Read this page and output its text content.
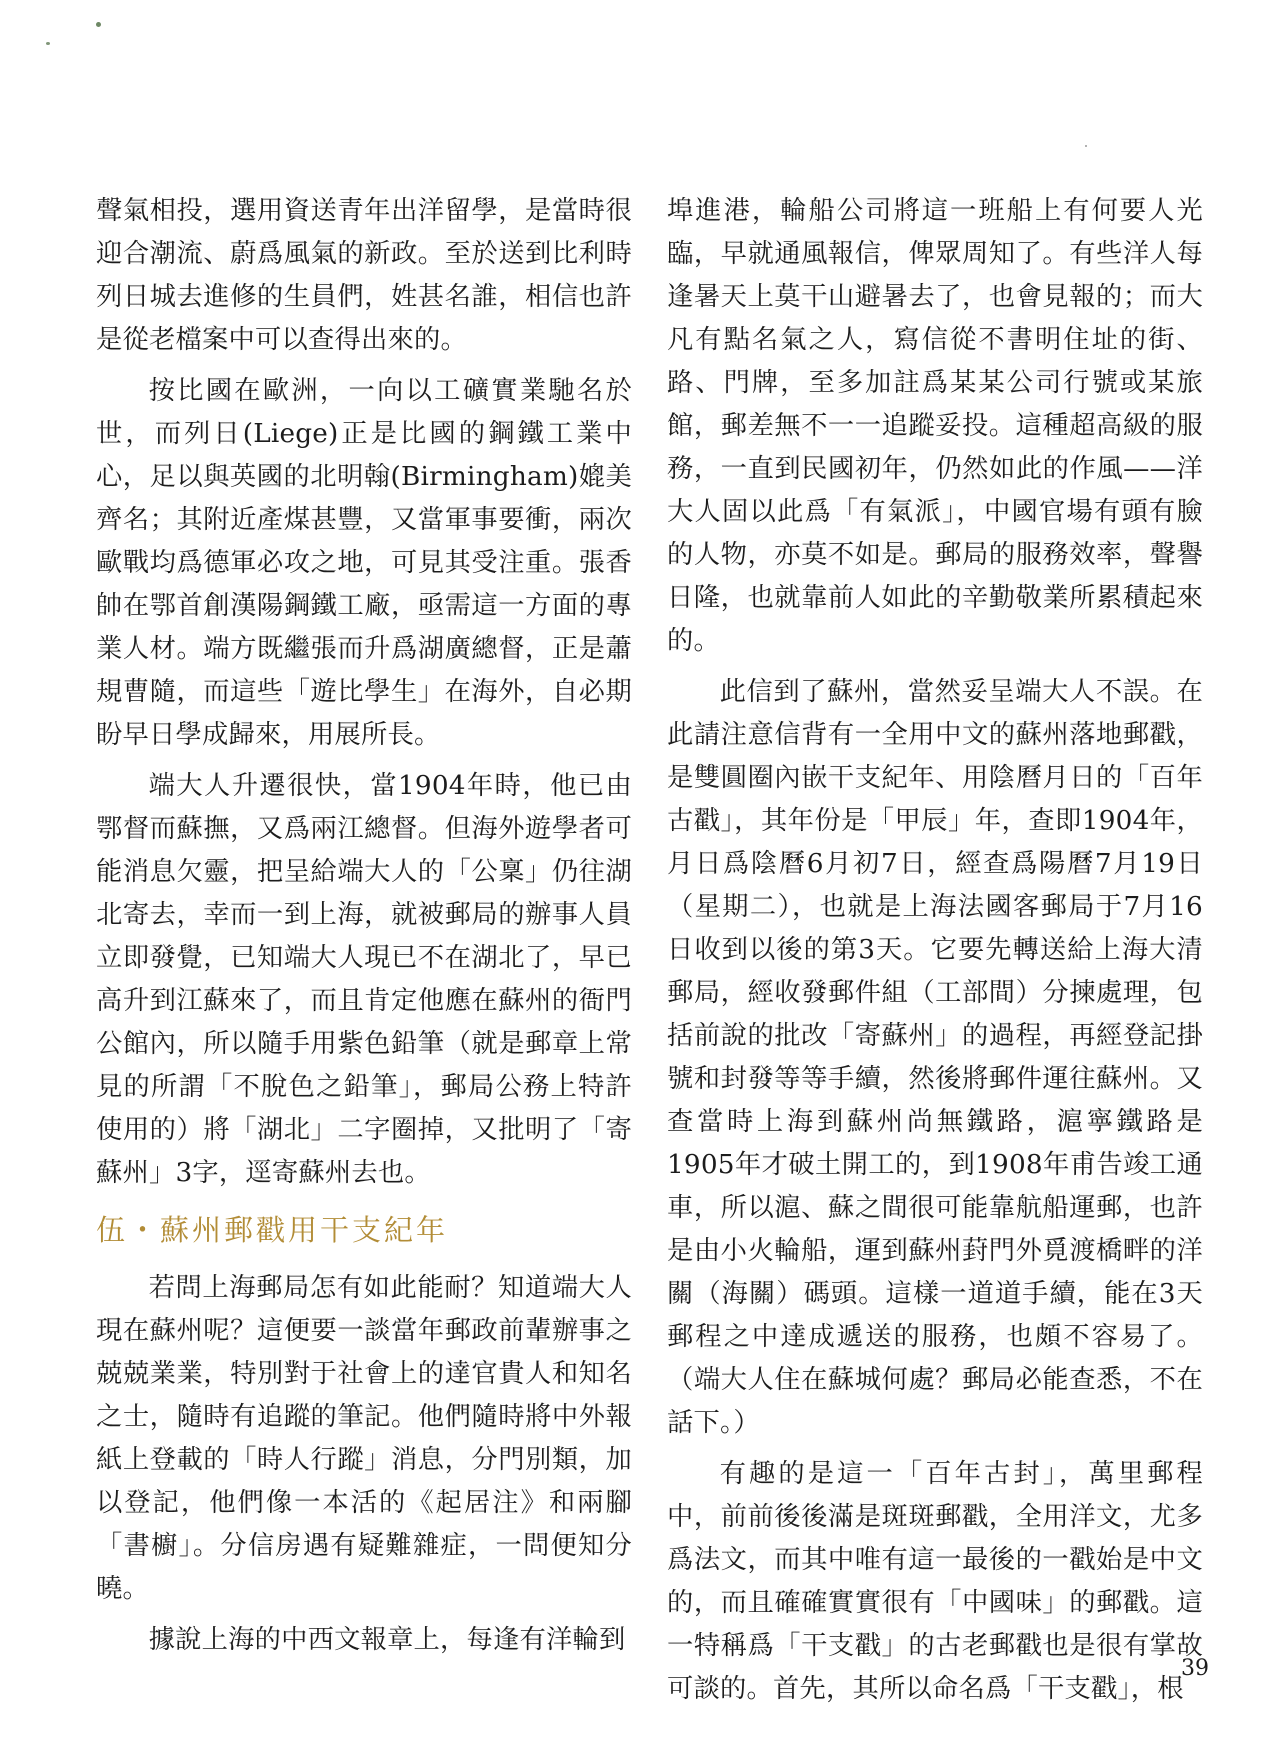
聲氣相投，選用資送青年出洋留學，是當時很迎合潮流、蔚爲風氣的新政。至於送到比利時列日城去進修的生員們，姓甚名誰，相信也許是從老檔案中可以查得出來的。

按比國在歐洲，一向以工礦實業馳名於世，而列日(Liege)正是比國的鋼鐵工業中心，足以與英國的北明翰(Birmingham)媲美齊名；其附近產煤甚豐，又當軍事要衝，兩次歐戰均爲德軍必攻之地，可見其受注重。張香帥在鄂首創漢陽鋼鐵工廠，亟需這一方面的專業人材。端方既繼張而升爲湖廣總督，正是蕭規曹隨，而這些「遊比學生」在海外，自必期盼早日學成歸來，用展所長。

端大人升遷很快，當1904年時，他已由鄂督而蘇撫，又爲兩江總督。但海外遊學者可能消息欠靈，把呈給端大人的「公稟」仍往湖北寄去，幸而一到上海，就被郵局的辦事人員立即發覺，已知端大人現已不在湖北了，早已高升到江蘇來了，而且肯定他應在蘇州的衙門公館內，所以隨手用紫色鉛筆（就是郵章上常見的所謂「不脫色之鉛筆」，郵局公務上特許使用的）將「湖北」二字圈掉，又批明了「寄蘇州」3字，逕寄蘇州去也。

伍・蘇州郵戳用干支紀年

若問上海郵局怎有如此能耐？知道端大人現在蘇州呢？這便要一談當年郵政前輩辦事之兢兢業業，特別對于社會上的達官貴人和知名之士，隨時有追蹤的筆記。他們隨時將中外報紙上登載的「時人行蹤」消息，分門別類，加以登記，他們像一本活的《起居注》和兩腳「書櫥」。分信房遇有疑難雜症，一問便知分曉。

據說上海的中西文報章上，每逢有洋輪到

埠進港，輪船公司將這一班船上有何要人光臨，早就通風報信，俾眾周知了。有些洋人每逢暑天上莫干山避暑去了，也會見報的；而大凡有點名氣之人，寫信從不書明住址的街、路、門牌，至多加註爲某某公司行號或某旅館，郵差無不一一追蹤妥投。這種超高級的服務，一直到民國初年，仍然如此的作風——洋大人固以此爲「有氣派」，中國官場有頭有臉的人物，亦莫不如是。郵局的服務效率，聲譽日隆，也就靠前人如此的辛勤敬業所累積起來的。

此信到了蘇州，當然妥呈端大人不誤。在此請注意信背有一全用中文的蘇州落地郵戳，是雙圓圈內嵌干支紀年、用陰曆月日的「百年古戳」，其年份是「甲辰」年，查即1904年，月日爲陰曆6月初7日，經查爲陽曆7月19日（星期二），也就是上海法國客郵局于7月16日收到以後的第3天。它要先轉送給上海大清郵局，經收發郵件組（工部間）分揀處理，包括前說的批改「寄蘇州」的過程，再經登記掛號和封發等等手續，然後將郵件運往蘇州。又查當時上海到蘇州尚無鐵路，滬寧鐵路是1905年才破土開工的，到1908年甫告竣工通車，所以滬、蘇之間很可能靠航船運郵，也許是由小火輪船，運到蘇州葑門外覓渡橋畔的洋關（海關）碼頭。這樣一道道手續，能在3天郵程之中達成遞送的服務，也頗不容易了。（端大人住在蘇城何處？郵局必能查悉，不在話下。）

有趣的是這一「百年古封」，萬里郵程中，前前後後滿是斑斑郵戳，全用洋文，尤多爲法文，而其中唯有這一最後的一戳始是中文的，而且確確實實很有「中國味」的郵戳。這一特稱爲「干支戳」的古老郵戳也是很有掌故可談的。首先，其所以命名爲「干支戳」，根

39
